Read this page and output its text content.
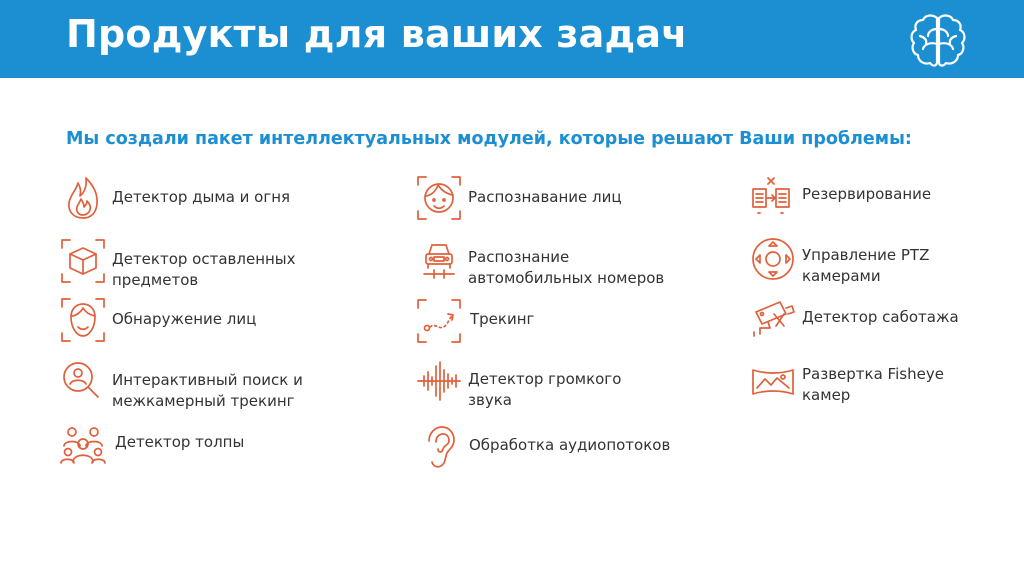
Продукты для ваших задач
Мы создали пакет интеллектуальных модулей, которые решают Ваши проблемы:
Детектор дыма и огня
Детектор оставленных
предметов
Обнаружение лиц
Интерактивный поиск и
межкамерный трекинг
Детектор толпы
Распознавание лиц
Распознание
автомобильных номеров
Трекинг
Детектор громкого
звука
Обработка аудиопотоков
Резервирование
Управление PTZ
камерами
Детектор саботажа
Развертка Fisheye
камер
